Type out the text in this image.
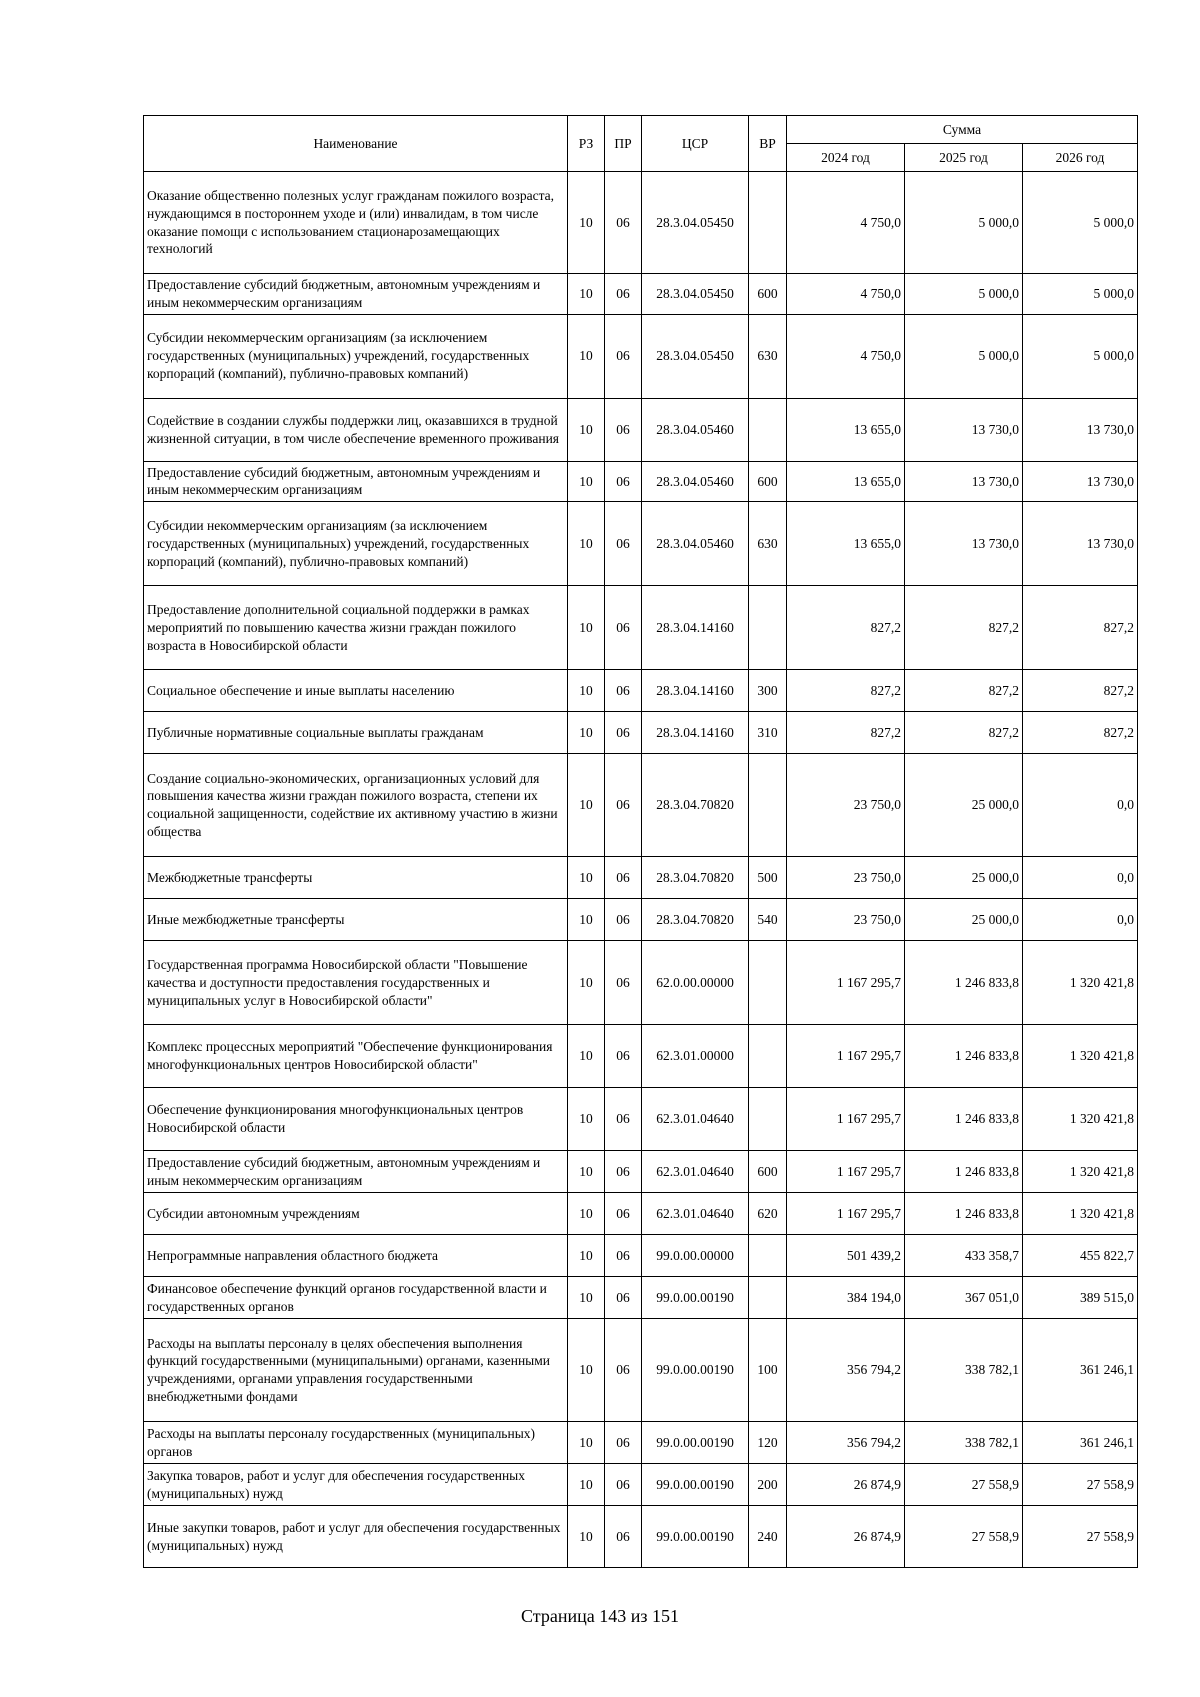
Наименование	РЗ	ПР	ЦСР	ВР	Сумма		
					2024 год	2025 год	2026 год
Оказание общественно полезных услуг гражданам пожилого возраста, нуждающимся в постороннем уходе и (или) инвалидам, в том числе оказание помощи с использованием стационарозамещающих технологий	10	06	28.3.04.05450		4 750,0	5 000,0	5 000,0
Предоставление субсидий бюджетным, автономным учреждениям и иным некоммерческим организациям	10	06	28.3.04.05450	600	4 750,0	5 000,0	5 000,0
Субсидии некоммерческим организациям (за исключением государственных (муниципальных) учреждений, государственных корпораций (компаний), публично-правовых компаний)	10	06	28.3.04.05450	630	4 750,0	5 000,0	5 000,0
Содействие в создании службы поддержки лиц, оказавшихся в трудной жизненной ситуации, в том числе обеспечение временного проживания	10	06	28.3.04.05460		13 655,0	13 730,0	13 730,0
Предоставление субсидий бюджетным, автономным учреждениям и иным некоммерческим организациям	10	06	28.3.04.05460	600	13 655,0	13 730,0	13 730,0
Субсидии некоммерческим организациям (за исключением государственных (муниципальных) учреждений, государственных корпораций (компаний), публично-правовых компаний)	10	06	28.3.04.05460	630	13 655,0	13 730,0	13 730,0
Предоставление дополнительной социальной поддержки в рамках мероприятий по повышению качества жизни граждан пожилого возраста в Новосибирской области	10	06	28.3.04.14160		827,2	827,2	827,2
Социальное обеспечение и иные выплаты населению	10	06	28.3.04.14160	300	827,2	827,2	827,2
Публичные нормативные социальные выплаты гражданам	10	06	28.3.04.14160	310	827,2	827,2	827,2
Создание социально-экономических, организационных условий для повышения качества жизни граждан пожилого возраста, степени их социальной защищенности, содействие их активному участию в жизни общества	10	06	28.3.04.70820		23 750,0	25 000,0	0,0
Межбюджетные трансферты	10	06	28.3.04.70820	500	23 750,0	25 000,0	0,0
Иные межбюджетные трансферты	10	06	28.3.04.70820	540	23 750,0	25 000,0	0,0
Государственная программа Новосибирской области "Повышение качества и доступности предоставления государственных и муниципальных услуг в Новосибирской области"	10	06	62.0.00.00000		1 167 295,7	1 246 833,8	1 320 421,8
Комплекс процессных мероприятий "Обеспечение функционирования многофункциональных центров Новосибирской области"	10	06	62.3.01.00000		1 167 295,7	1 246 833,8	1 320 421,8
Обеспечение функционирования многофункциональных центров Новосибирской области	10	06	62.3.01.04640		1 167 295,7	1 246 833,8	1 320 421,8
Предоставление субсидий бюджетным, автономным учреждениям и иным некоммерческим организациям	10	06	62.3.01.04640	600	1 167 295,7	1 246 833,8	1 320 421,8
Субсидии автономным учреждениям	10	06	62.3.01.04640	620	1 167 295,7	1 246 833,8	1 320 421,8
Непрограммные направления областного бюджета	10	06	99.0.00.00000		501 439,2	433 358,7	455 822,7
Финансовое обеспечение функций органов государственной власти и государственных органов	10	06	99.0.00.00190		384 194,0	367 051,0	389 515,0
Расходы на выплаты персоналу в целях обеспечения выполнения функций государственными (муниципальными) органами, казенными учреждениями, органами управления государственными внебюджетными фондами	10	06	99.0.00.00190	100	356 794,2	338 782,1	361 246,1
Расходы на выплаты персоналу государственных (муниципальных) органов	10	06	99.0.00.00190	120	356 794,2	338 782,1	361 246,1
Закупка товаров, работ и услуг для обеспечения государственных (муниципальных) нужд	10	06	99.0.00.00190	200	26 874,9	27 558,9	27 558,9
Иные закупки товаров, работ и услуг для обеспечения государственных (муниципальных) нужд	10	06	99.0.00.00190	240	26 874,9	27 558,9	27 558,9
Страница 143 из 151
